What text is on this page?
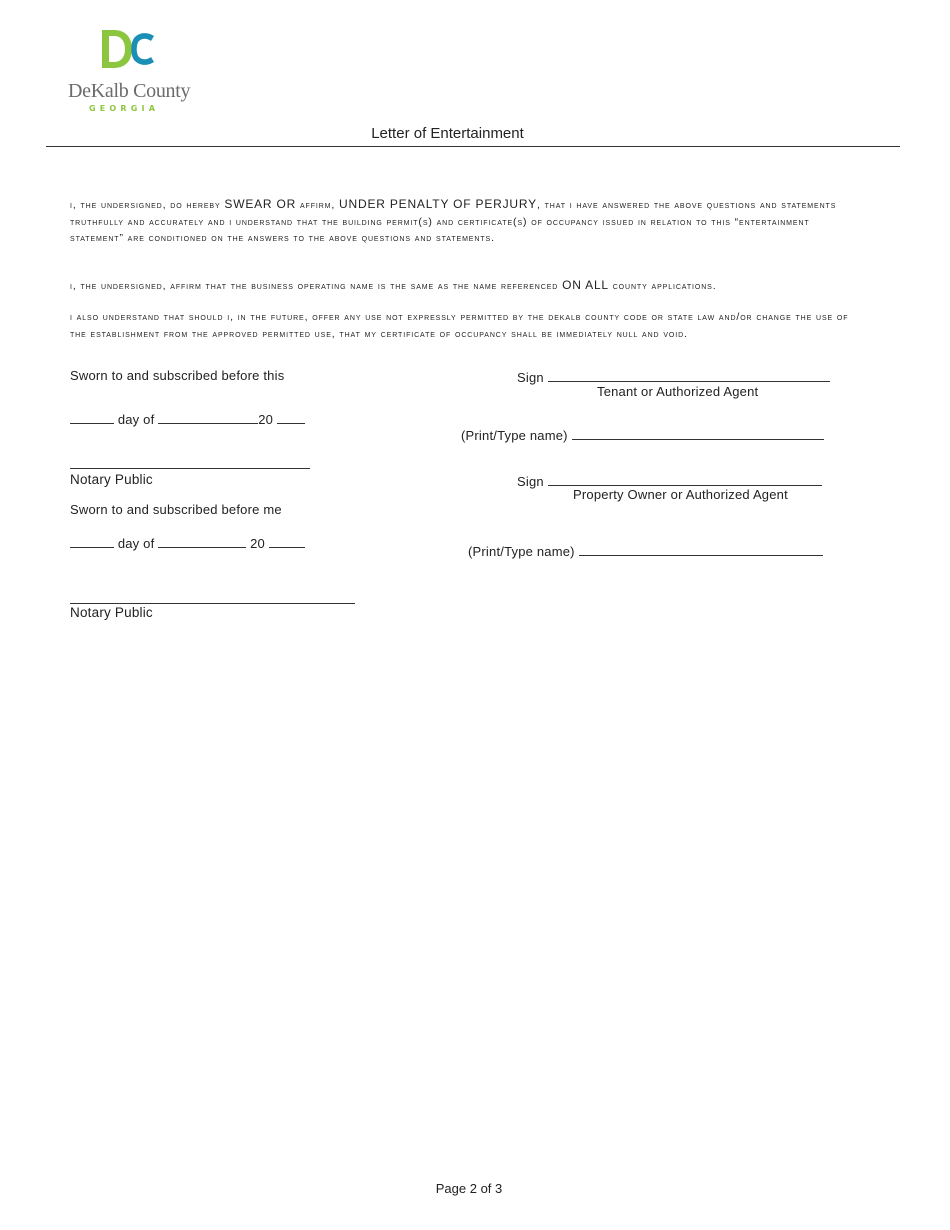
DeKalb County
GEORGIA
Letter of Entertainment
i, the undersigned, do hereby SWEAR OR affirm, UNDER PENALTY OF PERJURY, that i have answered the above questions and statements truthfully and accurately and i understand that the building permit(s) and certificate(s) of occupancy issued in relation to this “entertainment statement” are conditioned on the answers to the above questions and statements.
i, the undersigned, affirm that the business operating name is the same as the name referenced ON ALL county applications.
i also understand that should i, in the future, offer any use not expressly permitted by the dekalb county code or state law and/or change the use of the establishment from the approved permitted use, that my certificate of occupancy shall be immediately null and void.
Sworn to and subscribed before this
day of	20
Notary Public
Sworn to and subscribed before me
day of	20
Notary Public
Sign
Tenant or Authorized Agent
(Print/Type name)
Sign
Property Owner or Authorized Agent
(Print/Type name)
Page 2 of 3
